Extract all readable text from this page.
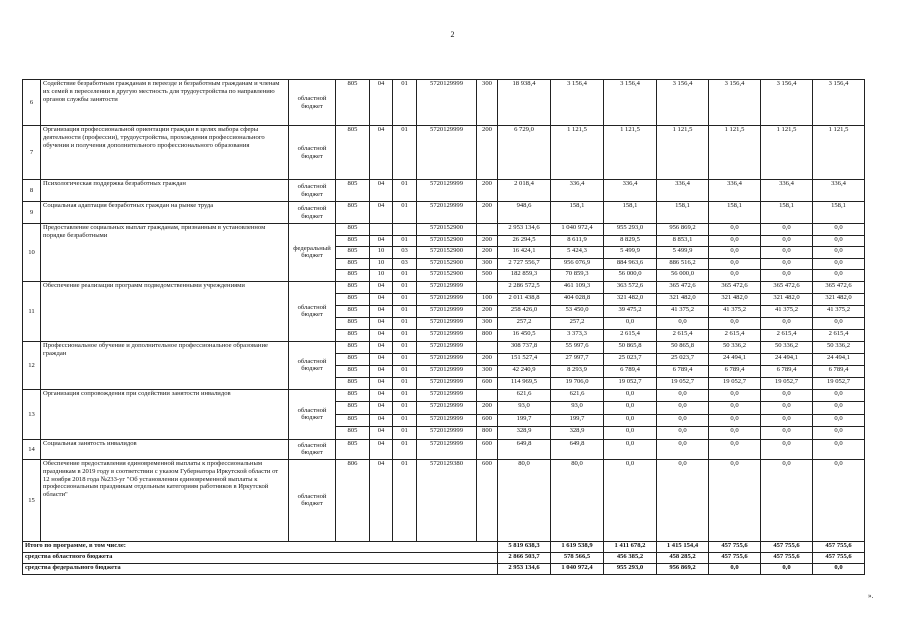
2
6	Содействие безработным гражданам в переезде и безработным гражданам и членам их семей в переселении в другую местность для трудоустройства по направлению органов службы занятости	областной бюджет	805	04	01	5720129999	300	18 938,4	3 156,4	3 156,4	3 156,4	3 156,4	3 156,4	3 156,4
7	Организация профессиональной ориентации граждан в целях выбора сферы деятельности (профессии), трудоустройства, прохождения профессионального обучения и получения дополнительного профессионального образования	областной бюджет	805	04	01	5720129999	200	6 729,0	1 121,5	1 121,5	1 121,5	1 121,5	1 121,5	1 121,5
8	Психологическая поддержка безработных граждан	областной бюджет	805	04	01	5720129999	200	2 018,4	336,4	336,4	336,4	336,4	336,4	336,4
9	Социальная адаптация безработных граждан на рынке труда	областной бюджет	805	04	01	5720129999	200	948,6	158,1	158,1	158,1	158,1	158,1	158,1
10	Предоставление социальных выплат гражданам, признанным в установленном порядке безработными	федеральный бюджет	805			5720152900		2 953 134,6	1 040 972,4	955 293,0	956 869,2	0,0	0,0	0,0
			805	04	01	5720152900	200	26 294,5	8 611,9	8 829,5	8 853,1	0,0	0,0	0,0
			805	10	03	5720152900	200	16 424,1	5 424,3	5 499,9	5 499,9	0,0	0,0	0,0
			805	10	03	5720152900	300	2 727 556,7	956 076,9	884 963,6	886 516,2	0,0	0,0	0,0
			805	10	01	5720152900	500	182 859,3	70 859,3	56 000,0	56 000,0	0,0	0,0	0,0
11	Обеспечение реализации программ подведомственными учреждениями	областной бюджет	805	04	01	5720129999		2 286 572,5	461 109,3	363 572,6	365 472,6	365 472,6	365 472,6	365 472,6
			805	04	01	5720129999	100	2 011 438,8	404 028,8	321 482,0	321 482,0	321 482,0	321 482,0	321 482,0
			805	04	01	5720129999	200	258 426,0	53 450,0	39 475,2	41 375,2	41 375,2	41 375,2	41 375,2
			805	04	01	5720129999	300	257,2	257,2	0,0	0,0	0,0	0,0	0,0
			805	04	01	5720129999	800	16 450,5	3 373,3	2 615,4	2 615,4	2 615,4	2 615,4	2 615,4
12	Профессиональное обучение и дополнительное профессиональное образование граждан	областной бюджет	805	04	01	5720129999		308 737,8	55 997,6	50 865,8	50 865,8	50 336,2	50 336,2	50 336,2
			805	04	01	5720129999	200	151 527,4	27 997,7	25 023,7	25 023,7	24 494,1	24 494,1	24 494,1
			805	04	01	5720129999	300	42 240,9	8 293,9	6 789,4	6 789,4	6 789,4	6 789,4	6 789,4
			805	04	01	5720129999	600	114 969,5	19 706,0	19 052,7	19 052,7	19 052,7	19 052,7	19 052,7
13	Организация сопровождения при содействии занятости инвалидов	областной бюджет	805	04	01	5720129999		621,6	621,6	0,0	0,0	0,0	0,0	0,0
			805	04	01	5720129999	200	93,0	93,0	0,0	0,0	0,0	0,0	0,0
			805	04	01	5720129999	600	199,7	199,7	0,0	0,0	0,0	0,0	0,0
			805	04	01	5720129999	800	328,9	328,9	0,0	0,0	0,0	0,0	0,0
14	Социальная занятость инвалидов	областной бюджет	805	04	01	5720129999	600	649,8	649,8	0,0	0,0	0,0	0,0	0,0
15	Обеспечение предоставления единовременной выплаты к профессиональным праздникам в 2019 году в соответствии с указом Губернатора Иркутской области от 12 ноября 2018 года №233-уг "Об установлении единовременной выплаты к профессиональным праздникам отдельным категориям работников в Иркутской области"	областной бюджет	806	04	01	5720129380	600	80,0	80,0	0,0	0,0	0,0	0,0	0,0
Итого по программе, в том числе:								5 819 638,3	1 619 538,9	1 411 678,2	1 415 154,4	457 755,6	457 755,6	457 755,6
средства областного бюджета								2 866 503,7	578 566,5	456 385,2	458 285,2	457 755,6	457 755,6	457 755,6
средства федерального бюджета								2 953 134,6	1 040 972,4	955 293,0	956 869,2	0,0	0,0	0,0
».
